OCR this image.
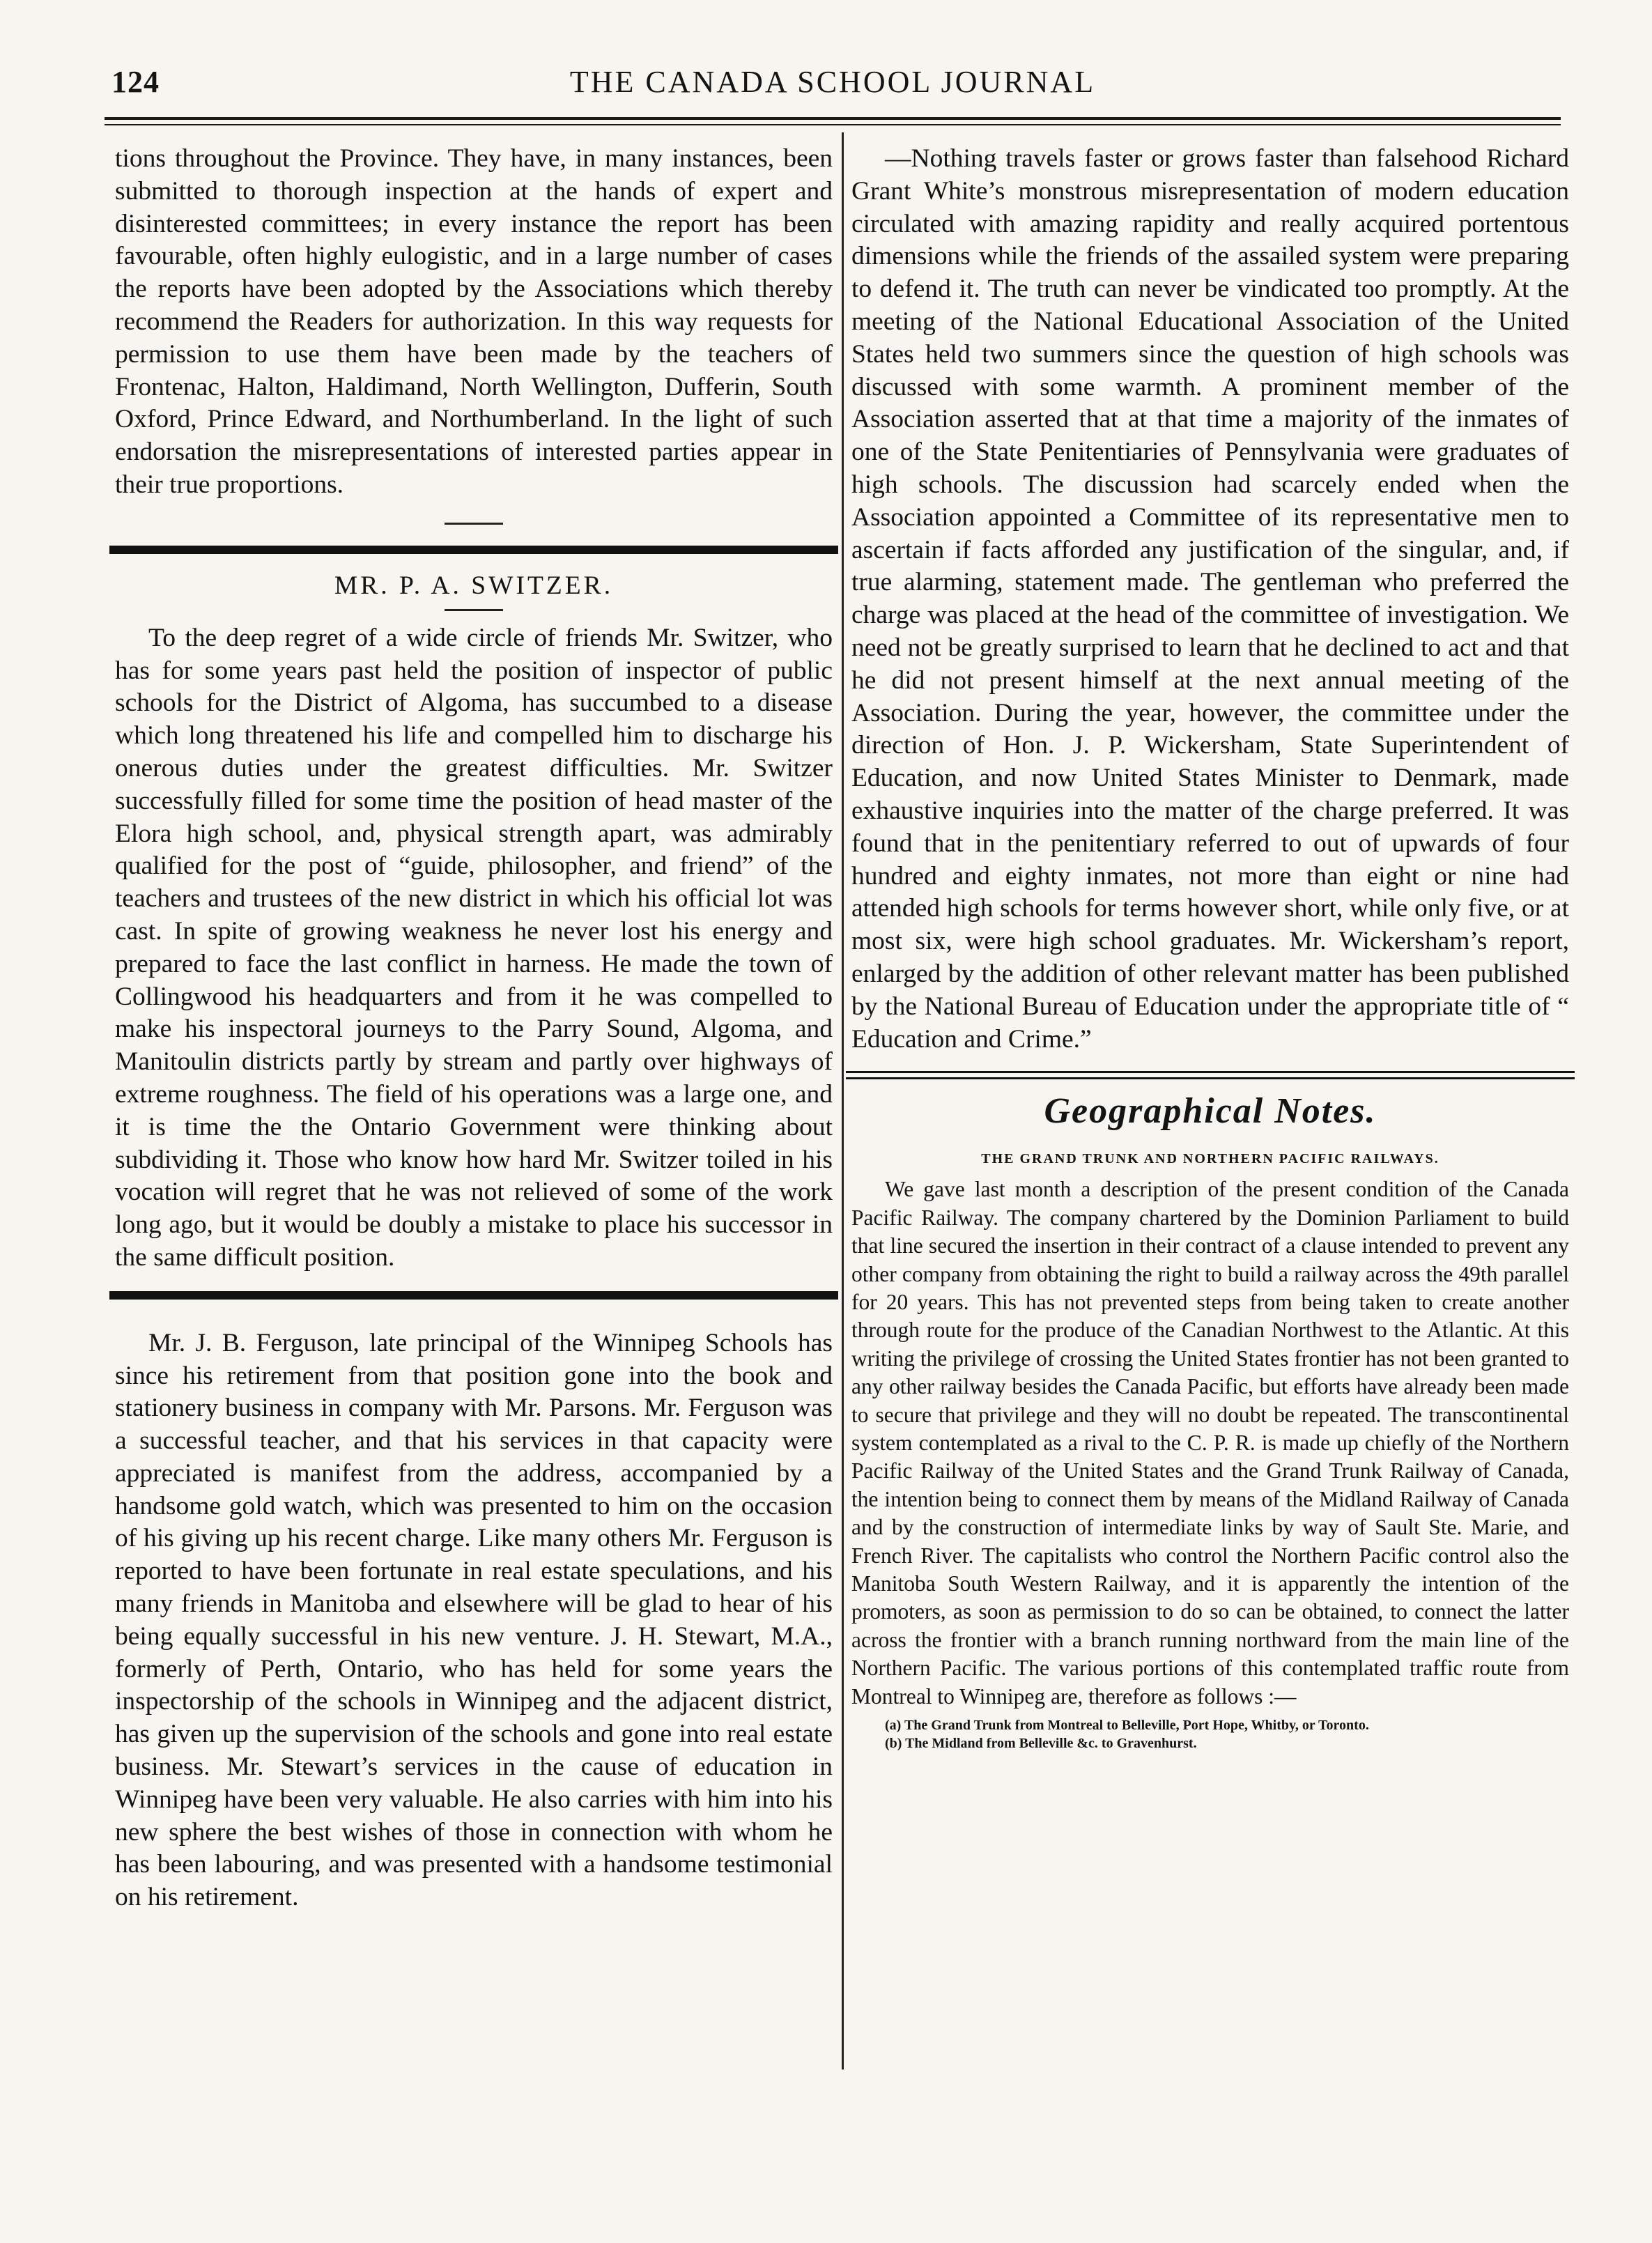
124	THE CANADA SCHOOL JOURNAL

tions throughout the Province. They have, in many instances, been submitted to thorough inspection at the hands of expert and disinterested committees; in every instance the report has been favourable, often highly eulogistic, and in a large number of cases the reports have been adopted by the Associations which thereby recommend the Readers for authorization. In this way requests for permission to use them have been made by the teachers of Frontenac, Halton, Haldimand, North Wellington, Dufferin, South Oxford, Prince Edward, and Northumberland. In the light of such endorsation the misrepresentations of interested parties appear in their true proportions.

MR. P. A. SWITZER.

To the deep regret of a wide circle of friends Mr. Switzer, who has for some years past held the position of inspector of public schools for the District of Algoma, has succumbed to a disease which long threatened his life and compelled him to discharge his onerous duties under the greatest difficulties. Mr. Switzer successfully filled for some time the position of head master of the Elora high school, and, physical strength apart, was admirably qualified for the post of “guide, philosopher, and friend” of the teachers and trustees of the new district in which his official lot was cast. In spite of growing weakness he never lost his energy and prepared to face the last conflict in harness. He made the town of Collingwood his headquarters and from it he was compelled to make his inspectoral journeys to the Parry Sound, Algoma, and Manitoulin districts partly by stream and partly over highways of extreme roughness. The field of his operations was a large one, and it is time the the Ontario Government were thinking about subdividing it. Those who know how hard Mr. Switzer toiled in his vocation will regret that he was not relieved of some of the work long ago, but it would be doubly a mistake to place his successor in the same difficult position.

Mr. J. B. Ferguson, late principal of the Winnipeg Schools has since his retirement from that position gone into the book and stationery business in company with Mr. Parsons. Mr. Ferguson was a successful teacher, and that his services in that capacity were appreciated is manifest from the address, accompanied by a handsome gold watch, which was presented to him on the occasion of his giving up his recent charge. Like many others Mr. Ferguson is reported to have been fortunate in real estate speculations, and his many friends in Manitoba and elsewhere will be glad to hear of his being equally successful in his new venture. J. H. Stewart, M.A., formerly of Perth, Ontario, who has held for some years the inspectorship of the schools in Winnipeg and the adjacent district, has given up the supervision of the schools and gone into real estate business. Mr. Stewart’s services in the cause of education in Winnipeg have been very valuable. He also carries with him into his new sphere the best wishes of those in connection with whom he has been labouring, and was presented with a handsome testimonial on his retirement.

—Nothing travels faster or grows faster than falsehood Richard Grant White’s monstrous misrepresentation of modern education circulated with amazing rapidity and really acquired portentous dimensions while the friends of the assailed system were preparing to defend it. The truth can never be vindicated too promptly. At the meeting of the National Educational Association of the United States held two summers since the question of high schools was discussed with some warmth. A prominent member of the Association asserted that at that time a majority of the inmates of one of the State Penitentiaries of Pennsylvania were graduates of high schools. The discussion had scarcely ended when the Association appointed a Committee of its representative men to ascertain if facts afforded any justification of the singular, and, if true alarming, statement made. The gentleman who preferred the charge was placed at the head of the committee of investigation. We need not be greatly surprised to learn that he declined to act and that he did not present himself at the next annual meeting of the Association. During the year, however, the committee under the direction of Hon. J. P. Wickersham, State Superintendent of Education, and now United States Minister to Denmark, made exhaustive inquiries into the matter of the charge preferred. It was found that in the penitentiary referred to out of upwards of four hundred and eighty inmates, not more than eight or nine had attended high schools for terms however short, while only five, or at most six, were high school graduates. Mr. Wickersham’s report, enlarged by the addition of other relevant matter has been published by the National Bureau of Education under the appropriate title of “ Education and Crime.”

Geographical Notes.
THE GRAND TRUNK AND NORTHERN PACIFIC RAILWAYS.

We gave last month a description of the present condition of the Canada Pacific Railway. The company chartered by the Dominion Parliament to build that line secured the insertion in their contract of a clause intended to prevent any other company from obtaining the right to build a railway across the 49th parallel for 20 years. This has not prevented steps from being taken to create another through route for the produce of the Canadian Northwest to the Atlantic. At this writing the privilege of crossing the United States frontier has not been granted to any other railway besides the Canada Pacific, but efforts have already been made to secure that privilege and they will no doubt be repeated. The transcontinental system contemplated as a rival to the C. P. R. is made up chiefly of the Northern Pacific Railway of the United States and the Grand Trunk Railway of Canada, the intention being to connect them by means of the Midland Railway of Canada and by the construction of intermediate links by way of Sault Ste. Marie, and French River. The capitalists who control the Northern Pacific control also the Manitoba South Western Railway, and it is apparently the intention of the promoters, as soon as permission to do so can be obtained, to connect the latter across the frontier with a branch running northward from the main line of the Northern Pacific. The various portions of this contemplated traffic route from Montreal to Winnipeg are, therefore as follows :—

(a) The Grand Trunk from Montreal to Belleville, Port Hope, Whitby, or Toronto.

(b) The Midland from Belleville &c. to Gravenhurst.
